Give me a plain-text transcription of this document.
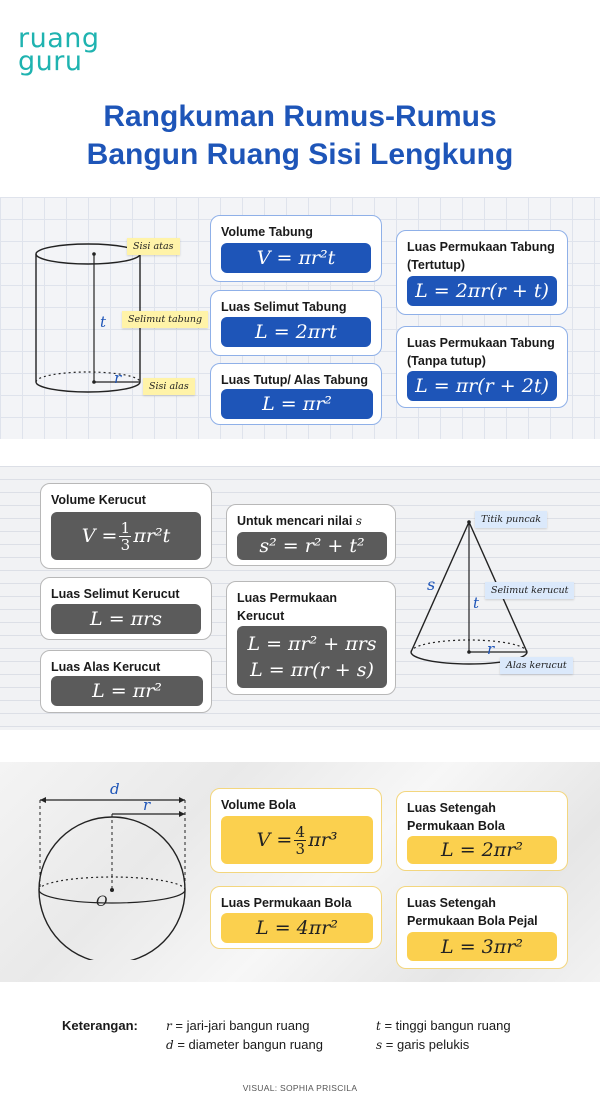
ruang
guru
Rangkuman Rumus-Rumus
Bangun Ruang Sisi Lengkung
t
r
Sisi atas
Selimut tabung
Sisi alas
Volume Tabung
V = πr²t
Luas Selimut Tabung
L = 2πrt
Luas Tutup/ Alas Tabung
L = πr²
Luas Permukaan Tabung (Tertutup)
L = 2πr(r + t)
Luas Permukaan Tabung (Tanpa tutup)
L = πr(r + 2t)
Volume Kerucut
$V = \frac{1}{3} \pi r^2t$
Luas Selimut Kerucut
L = πrs
Luas Alas Kerucut
L = πr²
Untuk mencari nilai s
s² = r² + t²
Luas Permukaan Kerucut
L = πr² + πrs
L = πr(r + s)
s
t
r
Titik puncak
Selimut kerucut
Alas kerucut
d
r
O
Volume Bola
$V = \frac{4}{3} \pi r^3$
Luas Permukaan Bola
L = 4πr²
Luas Setengah Permukaan Bola
L = 2πr²
Luas Setengah Permukaan Bola Pejal
L = 3πr²
Keterangan: r = jari-jari bangun ruang
d = diameter bangun ruang
t = tinggi bangun ruang
s = garis pelukis
VISUAL: SOPHIA PRISCILA
